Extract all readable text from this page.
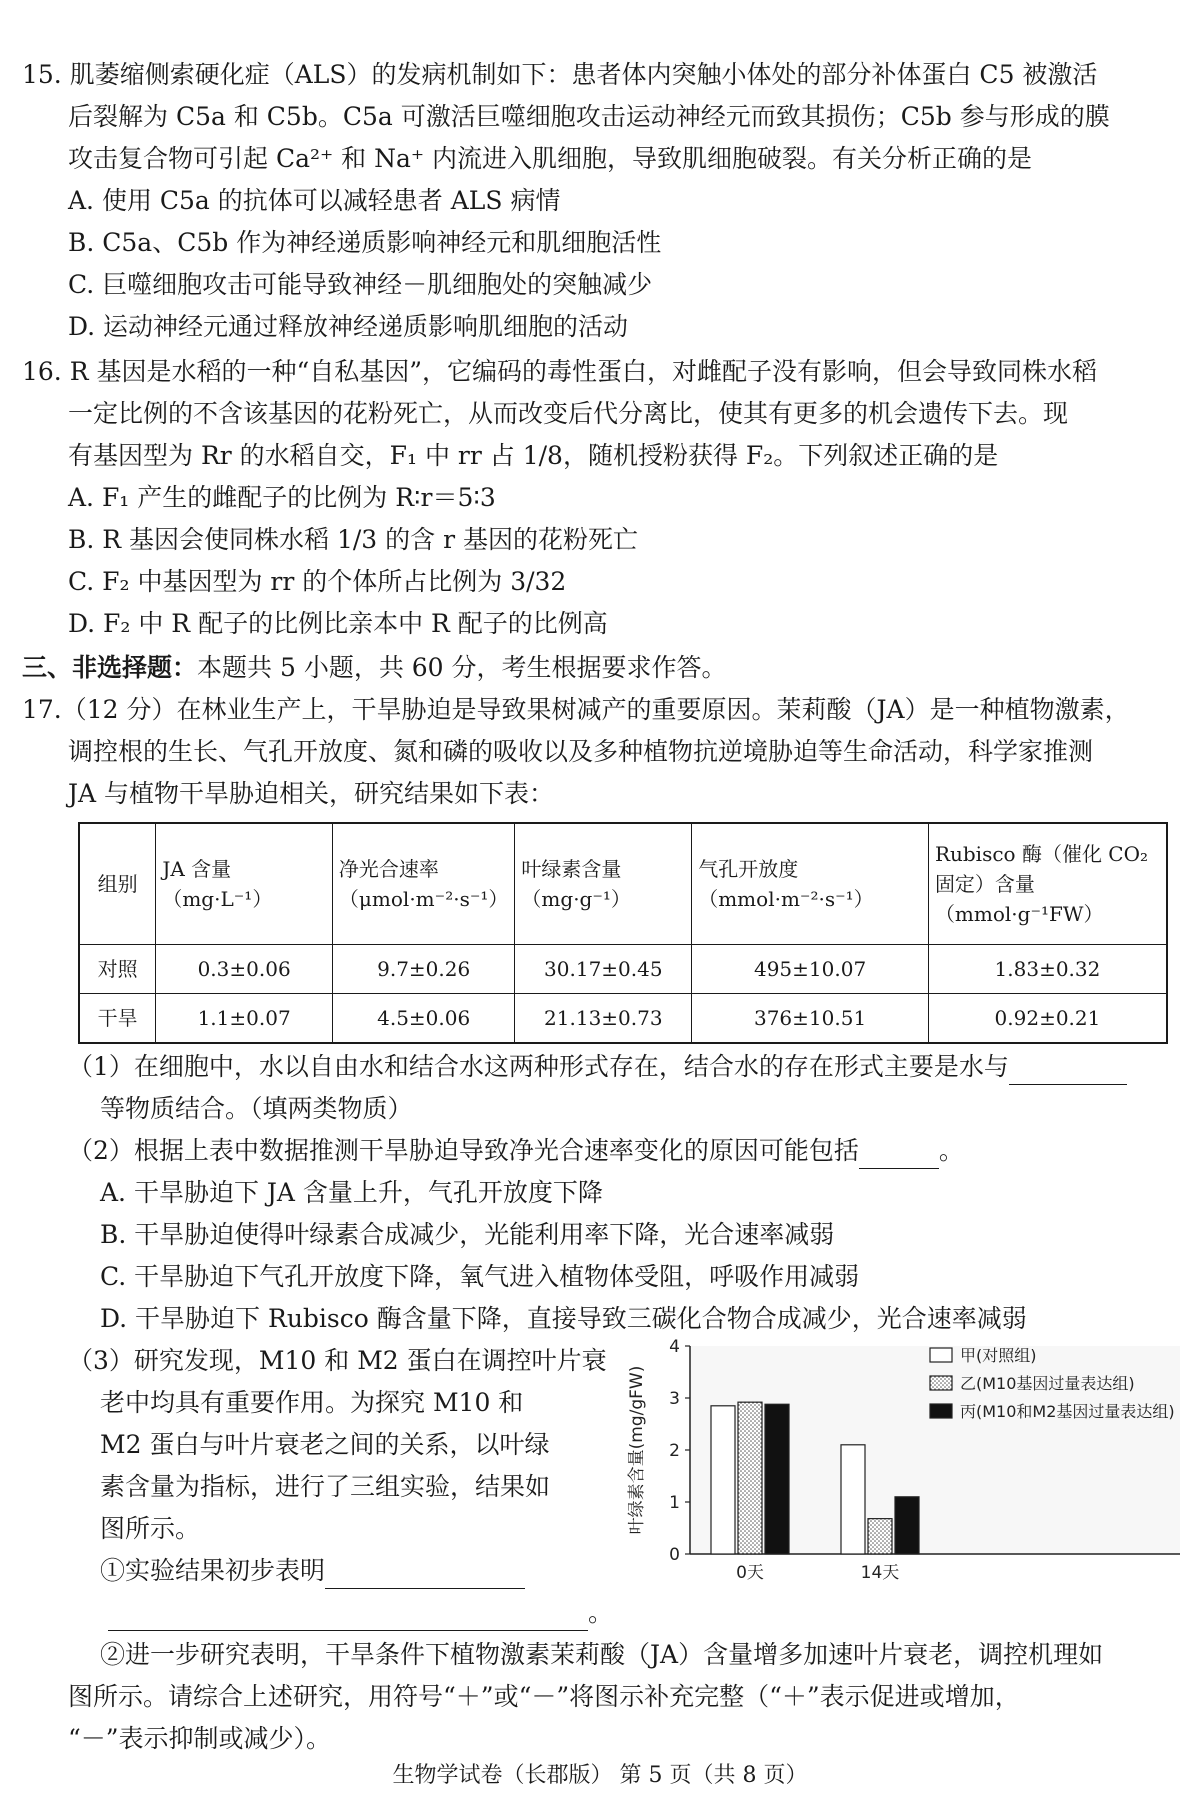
15. 肌萎缩侧索硬化症（ALS）的发病机制如下：患者体内突触小体处的部分补体蛋白 C5 被激活
后裂解为 C5a 和 C5b。C5a 可激活巨噬细胞攻击运动神经元而致其损伤；C5b 参与形成的膜
攻击复合物可引起 Ca²⁺ 和 Na⁺ 内流进入肌细胞，导致肌细胞破裂。有关分析正确的是
A. 使用 C5a 的抗体可以减轻患者 ALS 病情
B. C5a、C5b 作为神经递质影响神经元和肌细胞活性
C. 巨噬细胞攻击可能导致神经－肌细胞处的突触减少
D. 运动神经元通过释放神经递质影响肌细胞的活动
16. R 基因是水稻的一种“自私基因”，它编码的毒性蛋白，对雌配子没有影响，但会导致同株水稻
一定比例的不含该基因的花粉死亡，从而改变后代分离比，使其有更多的机会遗传下去。现
有基因型为 Rr 的水稻自交，F₁ 中 rr 占 1/8，随机授粉获得 F₂。下列叙述正确的是
A. F₁ 产生的雌配子的比例为 R∶r＝5∶3
B. R 基因会使同株水稻 1/3 的含 r 基因的花粉死亡
C. F₂ 中基因型为 rr 的个体所占比例为 3/32
D. F₂ 中 R 配子的比例比亲本中 R 配子的比例高
三、非选择题：本题共 5 小题，共 60 分，考生根据要求作答。
17.（12 分）在林业生产上，干旱胁迫是导致果树减产的重要原因。茉莉酸（JA）是一种植物激素，
调控根的生长、气孔开放度、氮和磷的吸收以及多种植物抗逆境胁迫等生命活动，科学家推测
JA 与植物干旱胁迫相关，研究结果如下表：
组别	JA 含量（mg·L⁻¹）	净光合速率（μmol·m⁻²·s⁻¹）	叶绿素含量（mg·g⁻¹）	气孔开放度（mmol·m⁻²·s⁻¹）	Rubisco 酶（催化 CO₂ 固定）含量（mmol·g⁻¹FW）
对照	0.3±0.06	9.7±0.26	30.17±0.45	495±10.07	1.83±0.32
干旱	1.1±0.07	4.5±0.06	21.13±0.73	376±10.51	0.92±0.21
（1）在细胞中，水以自由水和结合水这两种形式存在，结合水的存在形式主要是水与
等物质结合。（填两类物质）
（2）根据上表中数据推测干旱胁迫导致净光合速率变化的原因可能包括	。
A. 干旱胁迫下 JA 含量上升，气孔开放度下降
B. 干旱胁迫使得叶绿素合成减少，光能利用率下降，光合速率减弱
C. 干旱胁迫下气孔开放度下降，氧气进入植物体受阻，呼吸作用减弱
D. 干旱胁迫下 Rubisco 酶含量下降，直接导致三碳化合物合成减少，光合速率减弱
（3）研究发现，M10 和 M2 蛋白在调控叶片衰
老中均具有重要作用。为探究 M10 和
M2 蛋白与叶片衰老之间的关系，以叶绿
素含量为指标，进行了三组实验，结果如
图所示。
①实验结果初步表明
。
②进一步研究表明，干旱条件下植物激素茉莉酸（JA）含量增多加速叶片衰老，调控机理如
图所示。请综合上述研究，用符号“＋”或“－”将图示补充完整（“＋”表示促进或增加，
“－”表示抑制或减少）。
0
1
2
3
4
叶绿素含量(mg/gFW)
0天	14天
甲(对照组)
乙(M10基因过量表达组)
丙(M10和M2基因过量表达组)
生物学试卷（长郡版） 第 5 页（共 8 页）
